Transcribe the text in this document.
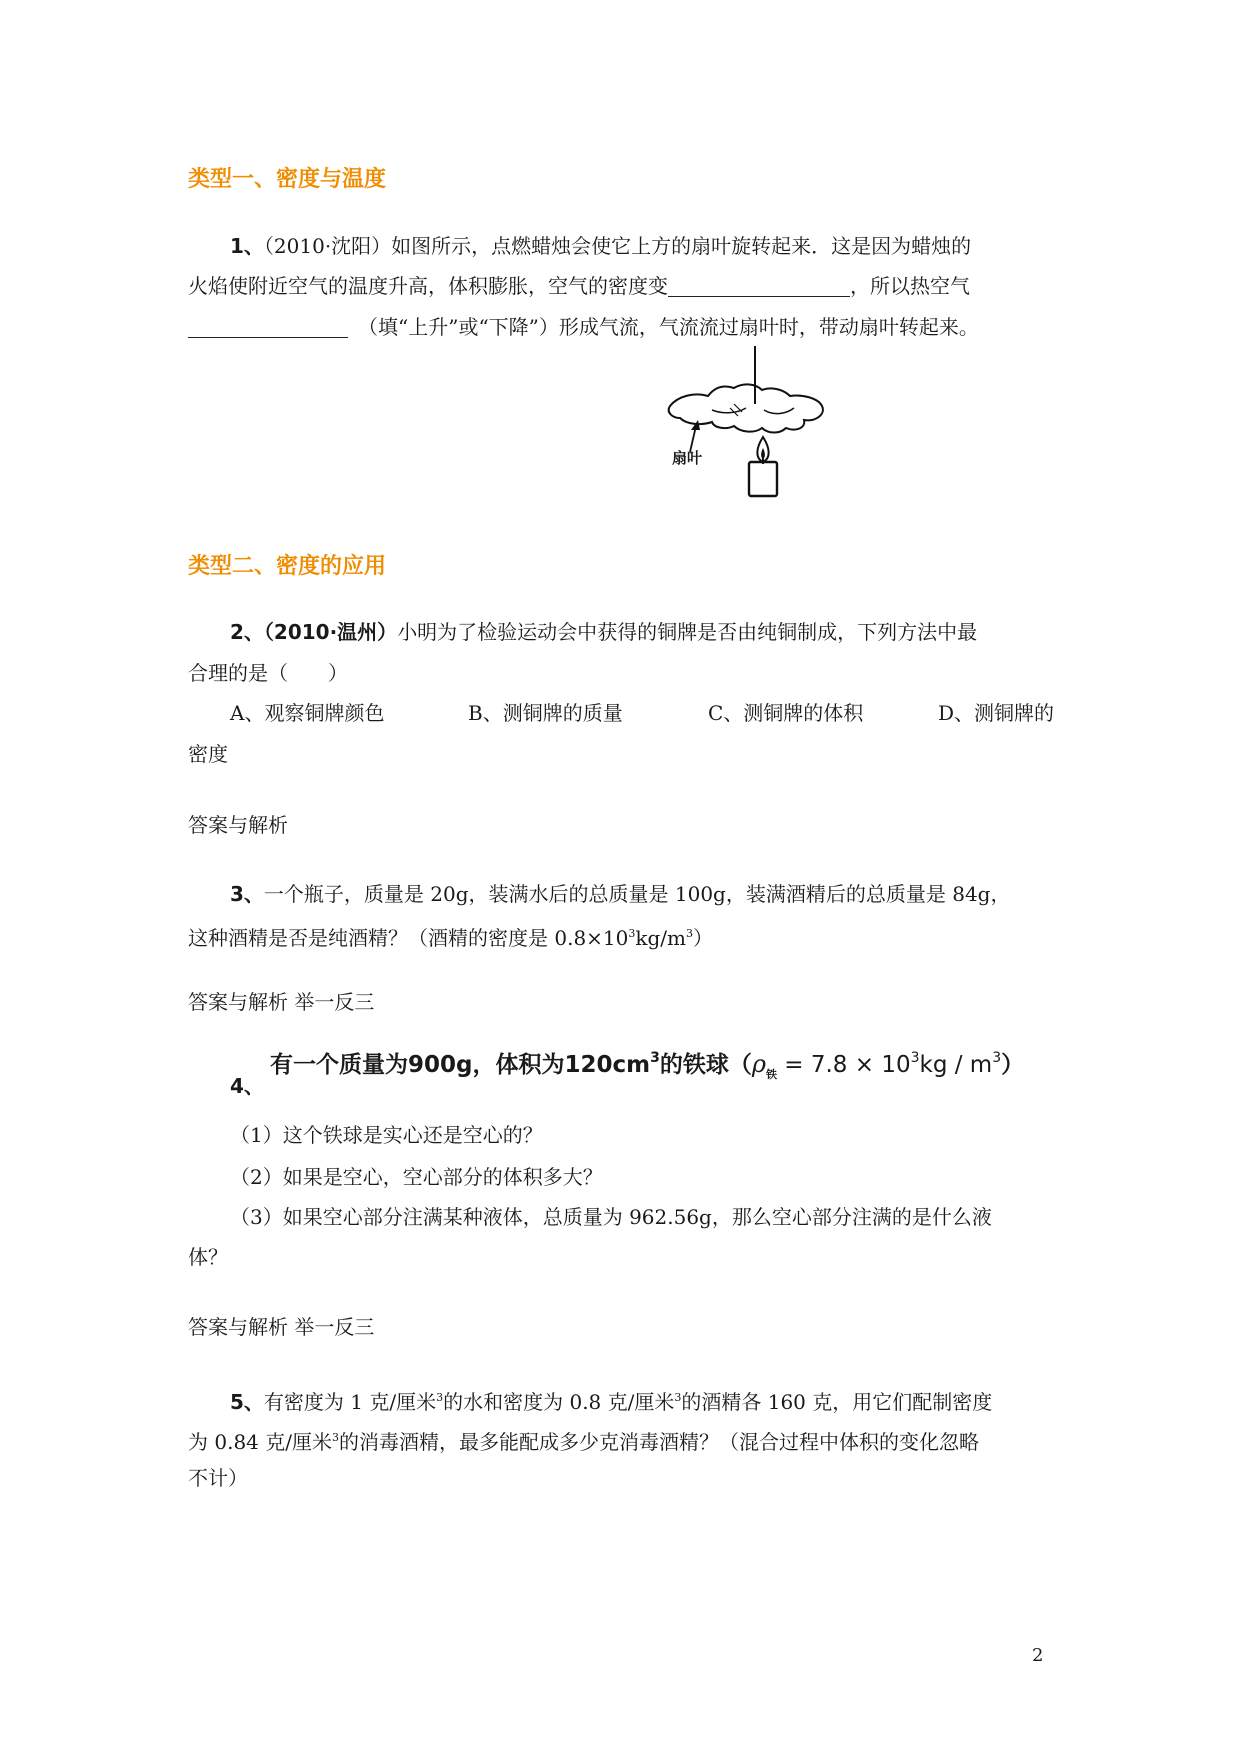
类型一、密度与温度
1、（2010·沈阳）如图所示，点燃蜡烛会使它上方的扇叶旋转起来．这是因为蜡烛的
火焰使附近空气的温度升高，体积膨胀，空气的密度变	，所以热空气
（填“上升”或“下降”）形成气流，气流流过扇叶时，带动扇叶转起来。
扇叶
类型二、密度的应用
2、（2010·温州）小明为了检验运动会中获得的铜牌是否由纯铜制成，下列方法中最
合理的是（　　）
A、观察铜牌颜色	B、测铜牌的质量	C、测铜牌的体积	D、测铜牌的
密度
答案与解析
3、一个瓶子，质量是 20g，装满水后的总质量是 100g，装满酒精后的总质量是 84g，
这种酒精是否是纯酒精？（酒精的密度是 $0.8\times 10^3kg/m^3$）
答案与解析 举一反三
4、
有一个质量为900g，体积为$120cm^3$的铁球$(\rho_铁 = 7.8 \times 10^3kg / m^3)$
（1）这个铁球是实心还是空心的？
（2）如果是空心，空心部分的体积多大？
（3）如果空心部分注满某种液体，总质量为 962.56g，那么空心部分注满的是什么液
体？
答案与解析 举一反三
5、有密度为 1 克/厘米$^3$的水和密度为 0.8 克/厘米$^3$的酒精各 160 克，用它们配制密度
为 0.84 克/厘米$^3$的消毒酒精，最多能配成多少克消毒酒精？（混合过程中体积的变化忽略
不计）
2
